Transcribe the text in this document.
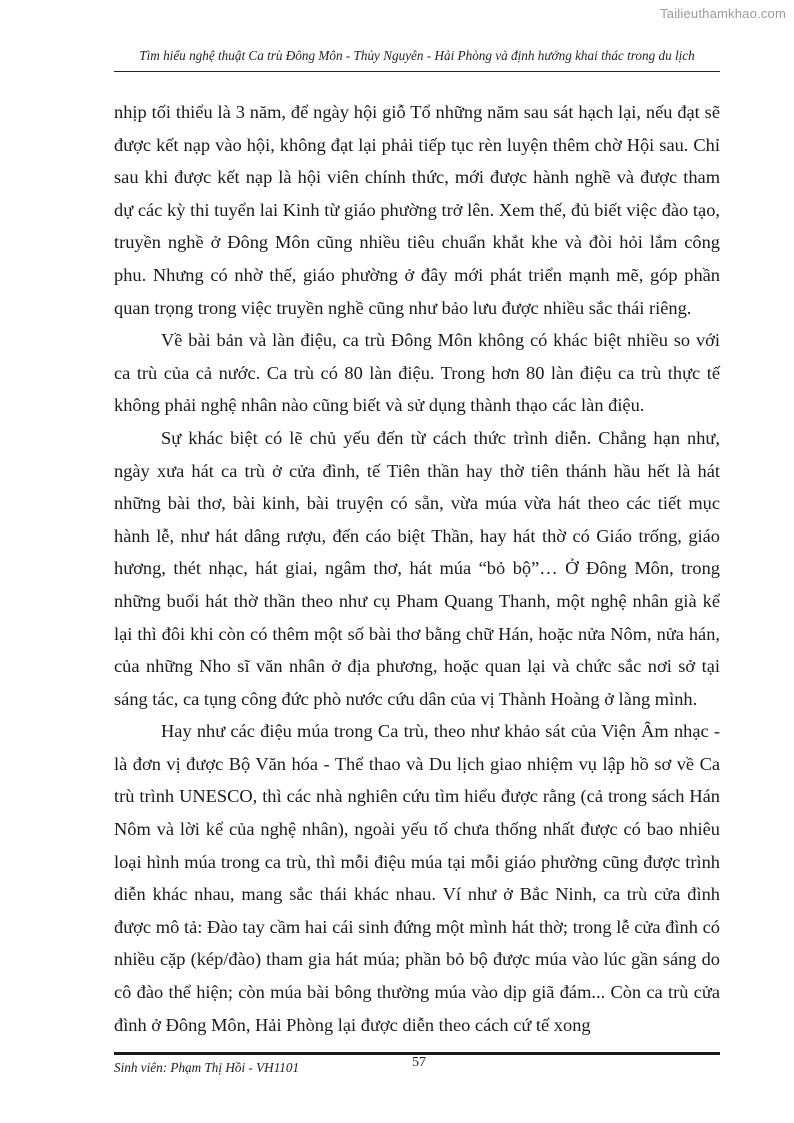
Tailieuthamkhao.com
Tìm hiểu nghệ thuật Ca trù Đông Môn - Thủy Nguyên - Hải Phòng và định hướng khai thác trong du lịch

nhịp tối thiểu là 3 năm, để ngày hội giỗ Tổ những năm sau sát hạch lại, nếu đạt sẽ được kết nạp vào hội, không đạt lại phải tiếp tục rèn luyện thêm chờ Hội sau. Chỉ sau khi được kết nạp là hội viên chính thức, mới được hành nghề và được tham dự các kỳ thi tuyển lai Kinh từ giáo phường trở lên. Xem thế, đủ biết việc đào tạo, truyền nghề ở Đông Môn cũng nhiều tiêu chuẩn khắt khe và đòi hỏi lắm công phu. Nhưng có nhờ thế, giáo phường ở đây mới phát triển mạnh mẽ, góp phần quan trọng trong việc truyền nghề cũng như bảo lưu được nhiều sắc thái riêng.

Về bài bản và làn điệu, ca trù Đông Môn không có khác biệt nhiều so với ca trù của cả nước. Ca trù có 80 làn điệu. Trong hơn 80 làn điệu ca trù thực tế không phải nghệ nhân nào cũng biết và sử dụng thành thạo các làn điệu.

Sự khác biệt có lẽ chủ yếu đến từ cách thức trình diễn. Chẳng hạn như, ngày xưa hát ca trù ở cửa đình, tế Tiên thần hay thờ tiên thánh hầu hết là hát những bài thơ, bài kinh, bài truyện có sẵn, vừa múa vừa hát theo các tiết mục hành lễ, như hát dâng rượu, đến cáo biệt Thần, hay hát thờ có Giáo trống, giáo hương, thét nhạc, hát giai, ngâm thơ, hát múa “bỏ bộ”… Ở Đông Môn, trong những buổi hát thờ thần theo như cụ Pham Quang Thanh, một nghệ nhân già kể lại thì đôi khi còn có thêm một số bài thơ bằng chữ Hán, hoặc nửa Nôm, nửa hán, của những Nho sĩ văn nhân ở địa phương, hoặc quan lại và chức sắc nơi sở tại sáng tác, ca tụng công đức phò nước cứu dân của vị Thành Hoàng ở làng mình.

Hay như các điệu múa trong Ca trù, theo như khảo sát của Viện Âm nhạc - là đơn vị được Bộ Văn hóa - Thể thao và Du lịch giao nhiệm vụ lập hồ sơ về Ca trù trình UNESCO, thì các nhà nghiên cứu tìm hiểu được rằng (cả trong sách Hán Nôm và lời kể của nghệ nhân), ngoài yếu tố chưa thống nhất được có bao nhiêu loại hình múa trong ca trù, thì mỗi điệu múa tại mỗi giáo phường cũng được trình diễn khác nhau, mang sắc thái khác nhau. Ví như ở Bắc Ninh, ca trù cửa đình được mô tả: Đào tay cầm hai cái sinh đứng một mình hát thờ; trong lễ cửa đình có nhiều cặp (kép/đào) tham gia hát múa; phần bỏ bộ được múa vào lúc gần sáng do cô đào thể hiện; còn múa bài bông thường múa vào dịp giã đám... Còn ca trù cửa đình ở Đông Môn, Hải Phòng lại được diễn theo cách cứ tế xong

Sinh viên: Phạm Thị Hồi - VH1101	57
